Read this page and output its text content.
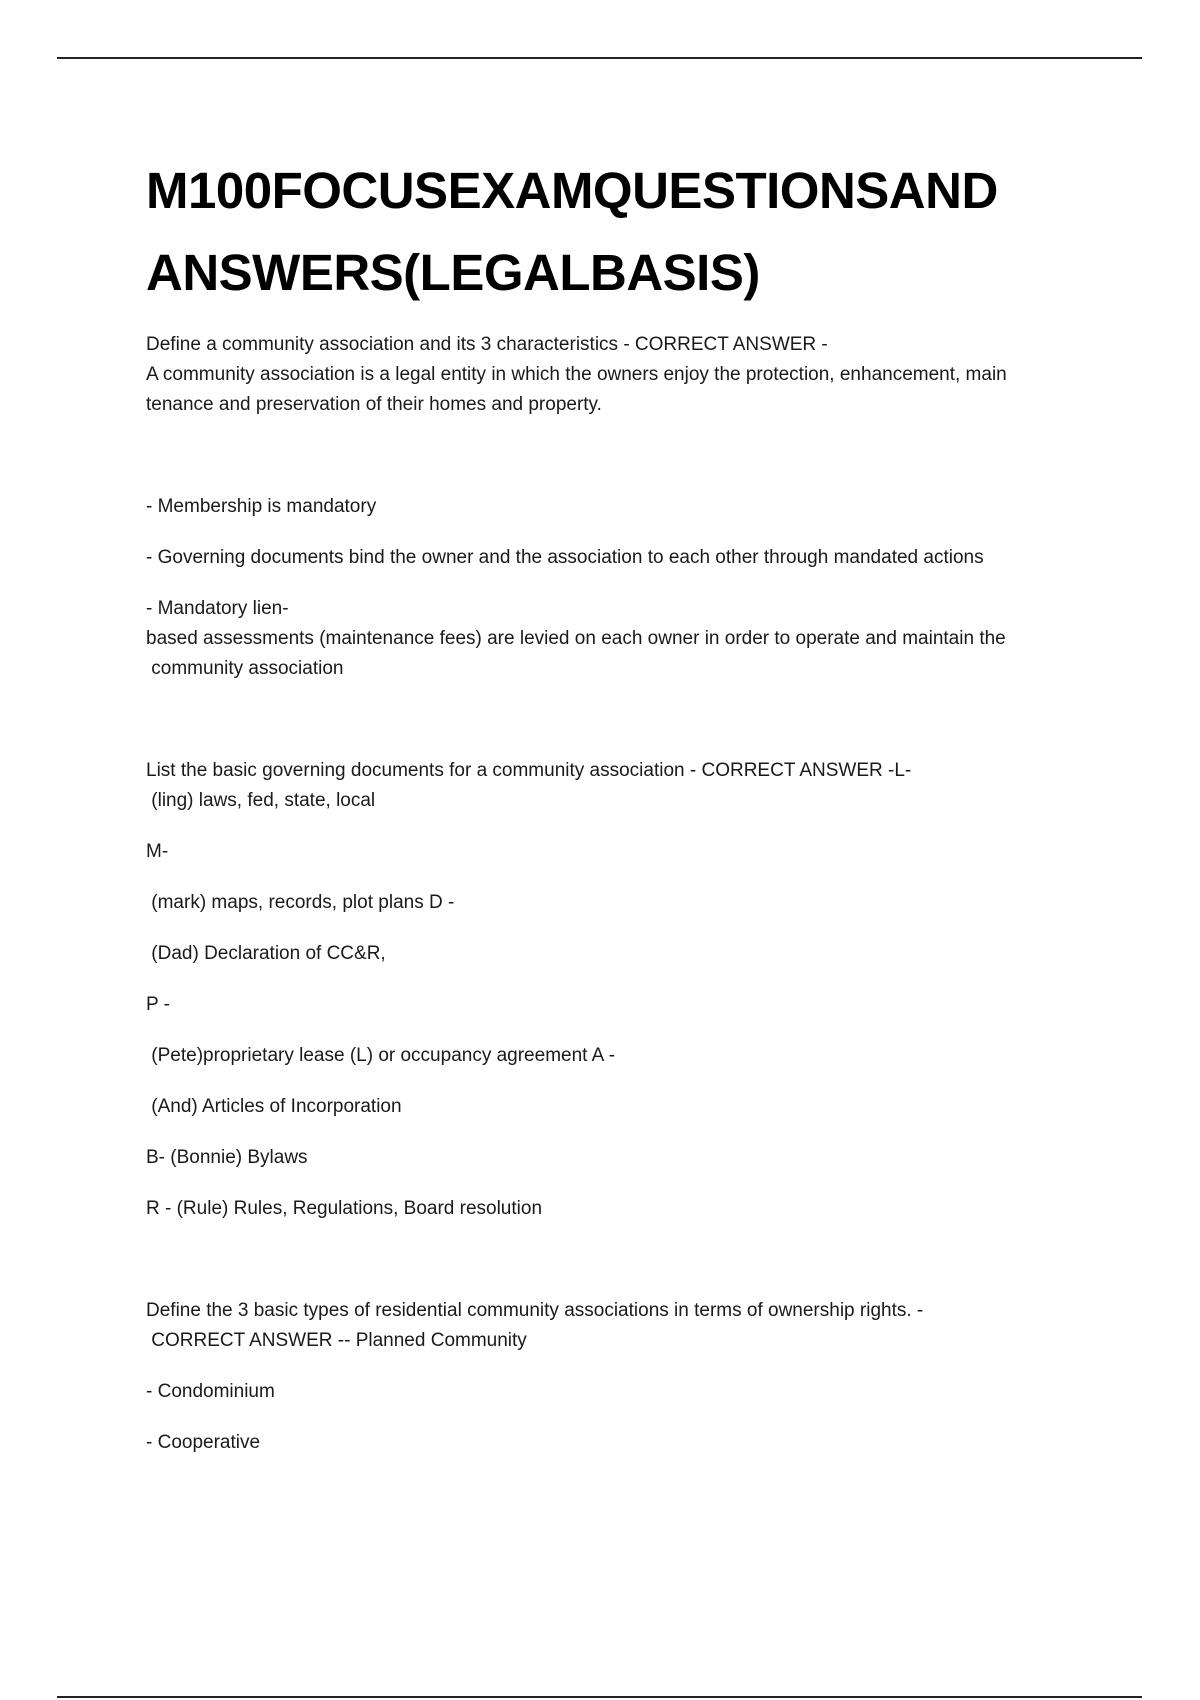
M100FOCUSEXAMQUESTIONSAND
ANSWERS(LEGALBASIS)

Define a community association and its 3 characteristics - CORRECT ANSWER -

A community association is a legal entity in which the owners enjoy the protection, enhancement, main

tenance and preservation of their homes and property.

- Membership is mandatory

- Governing documents bind the owner and the association to each other through mandated actions

- Mandatory lien-

based assessments (maintenance fees) are levied on each owner in order to operate and maintain the

community association

List the basic governing documents for a community association - CORRECT ANSWER -L-

(ling) laws, fed, state, local

M-

(mark) maps, records, plot plans D -

(Dad) Declaration of CC&R,

P -

(Pete)proprietary lease (L) or occupancy agreement A -

(And) Articles of Incorporation

B- (Bonnie) Bylaws

R - (Rule) Rules, Regulations, Board resolution

Define the 3 basic types of residential community associations in terms of ownership rights. -

CORRECT ANSWER -- Planned Community

- Condominium

- Cooperative
